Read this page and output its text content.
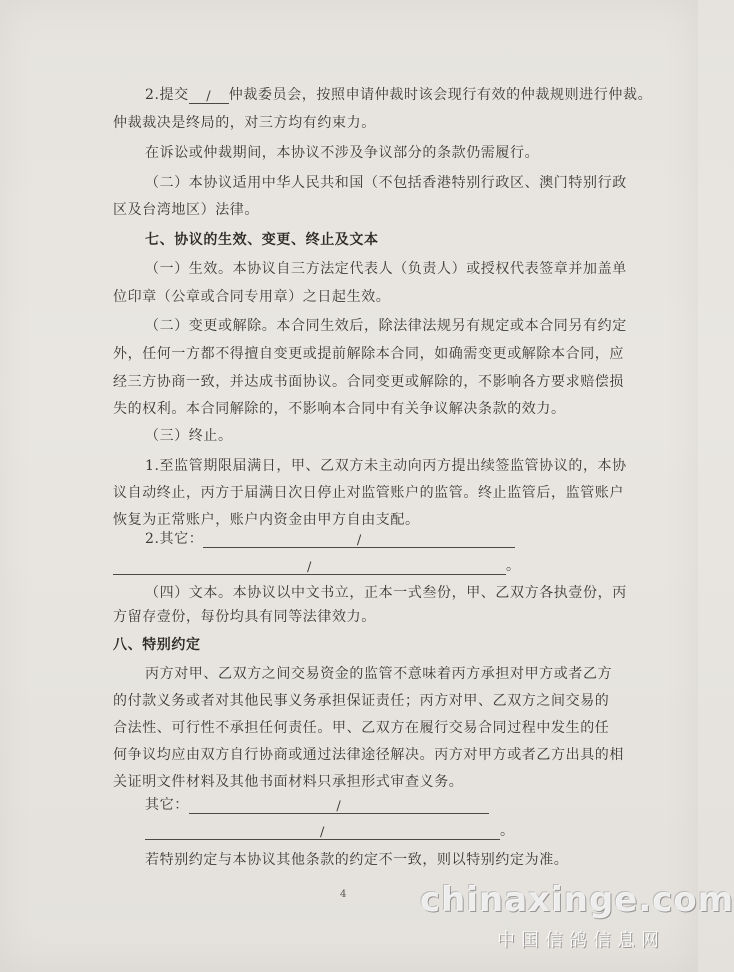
2.提交 / 仲裁委员会，按照申请仲裁时该会现行有效的仲裁规则进行仲裁。
仲裁裁决是终局的，对三方均有约束力。
在诉讼或仲裁期间，本协议不涉及争议部分的条款仍需履行。
（二）本协议适用中华人民共和国（不包括香港特别行政区、澳门特别行政
区及台湾地区）法律。
七、协议的生效、变更、终止及文本
（一）生效。本协议自三方法定代表人（负责人）或授权代表签章并加盖单
位印章（公章或合同专用章）之日起生效。
（二）变更或解除。本合同生效后，除法律法规另有规定或本合同另有约定
外，任何一方都不得擅自变更或提前解除本合同，如确需变更或解除本合同，应
经三方协商一致，并达成书面协议。合同变更或解除的，不影响各方要求赔偿损
失的权利。本合同解除的，不影响本合同中有关争议解决条款的效力。
（三）终止。
1.至监管期限届满日，甲、乙双方未主动向丙方提出续签监管协议的，本协
议自动终止，丙方于届满日次日停止对监管账户的监管。终止监管后，监管账户
恢复为正常账户，账户内资金由甲方自由支配。
2.其它：	/
/	。
（四）文本。本协议以中文书立，正本一式叁份，甲、乙双方各执壹份，丙
方留存壹份，每份均具有同等法律效力。
八、特别约定
丙方对甲、乙双方之间交易资金的监管不意味着丙方承担对甲方或者乙方
的付款义务或者对其他民事义务承担保证责任；丙方对甲、乙双方之间交易的
合法性、可行性不承担任何责任。甲、乙双方在履行交易合同过程中发生的任
何争议均应由双方自行协商或通过法律途径解决。丙方对甲方或者乙方出具的相
关证明文件材料及其他书面材料只承担形式审查义务。
其它：	/
/	。
若特别约定与本协议其他条款的约定不一致，则以特别约定为准。
4 chinaxinge.com
中国信鸽信息网
